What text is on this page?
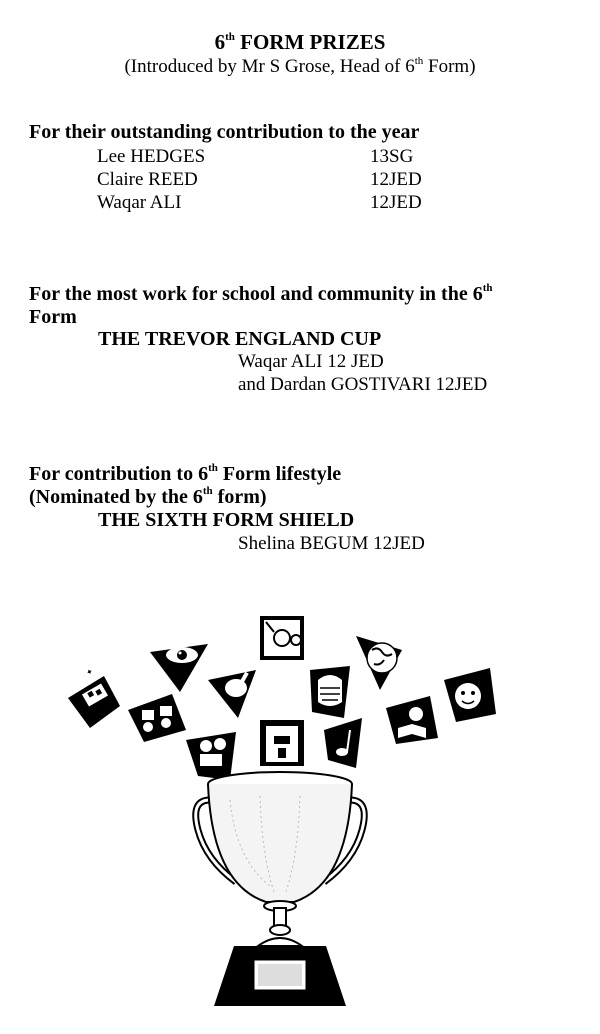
6th FORM PRIZES
(Introduced by Mr S Grose, Head of 6th Form)
For their outstanding contribution to the year
Lee HEDGES	13SG
Claire REED	12JED
Waqar ALI	12JED
For the most work for school and community in the 6th
Form
THE TREVOR ENGLAND CUP
Waqar ALI 12 JED
and Dardan GOSTIVARI 12JED
For contribution to 6th Form lifestyle
(Nominated by the 6th form)
THE SIXTH FORM SHIELD
Shelina BEGUM 12JED
✦
